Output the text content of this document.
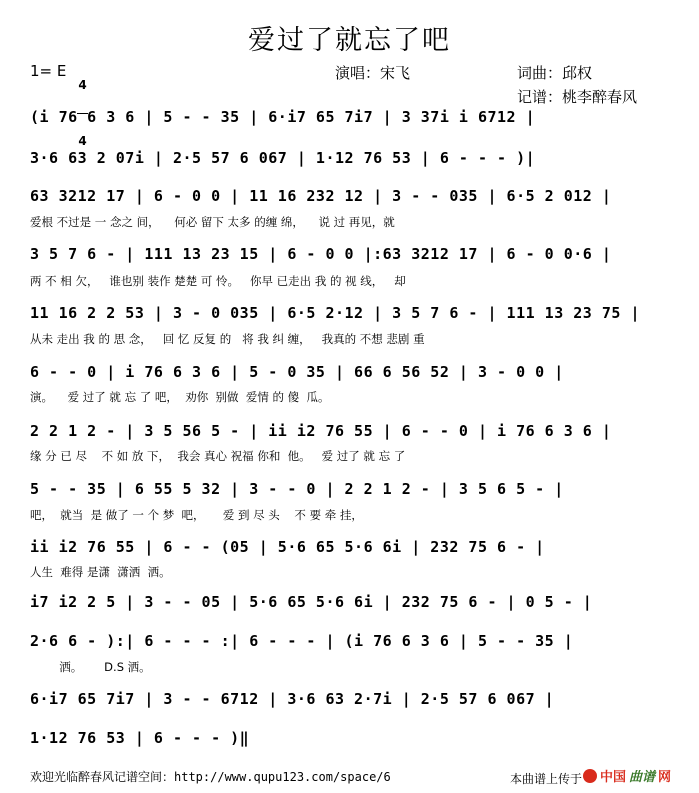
爱过了就忘了吧
1= E

4

4

演唱：宋飞	词曲：邱权
记谱：桃李醉春风
(i 76 6 3 6 | 5 - - 35 | 6·i7 65 7i7 | 3 37i i 6712 |
3·6 63 2 07i | 2·5 57 6 067 | 1·12 76 53 | 6 - - - )|
63 3212 17 | 6 - 0 0 | 11 16 232 12 | 3 - - 035 | 6·5 2 012 |
爱根 不过是 一 念之 间，    何必 留下 太多 的缠 绵，    说 过 再见，就
3 5 7 6 - | 111 13 23 15 | 6 - 0 0 |:63 3212 17 | 6 - 0 0·6 |
两 不 相 欠，   谁也别 装作 楚楚 可 怜。   你早 已走出 我 的 视 线，   却
11 16 2 2 53 | 3 - 0 035 | 6·5 2·12 | 3 5 7 6 - | 111 13 23 75 |
从未 走出 我 的 思 念，   回 忆 反复 的   将 我 纠 缠，   我真的 不想 悲剧 重
6 - - 0 | i 76 6 3 6 | 5 - 0 35 | 66 6 56 52 | 3 - 0 0 |
演。    爱 过了 就 忘 了 吧，  劝你  别做  爱情 的 傻  瓜。
2 2 1 2 - | 3 5 56 5 - | ii i2 76 55 | 6 - - 0 | i 76 6 3 6 |
缘 分 已 尽    不 如 放 下，  我会 真心 祝福 你和  他。   爱 过了 就 忘 了
5 - - 35 | 6 55 5 32 | 3 - - 0 | 2 2 1 2 - | 3 5 6 5 - |
吧，  就当  是 做了 一 个 梦  吧，     爱 到 尽 头    不 要 牵 挂，
ii i2 76 55 | 6 - - (05 | 5·6 65 5·6 6i | 232 75 6 - |
人生  难得 是潇  潇洒  洒。
i7 i2 2 5 | 3 - - 05 | 5·6 65 5·6 6i | 232 75 6 - | 0 5 - |
2·6 6 - ):| 6 - - - :| 6 - - - | (i 76 6 3 6 | 5 - - 35 |
洒。      D.S 洒。
6·i7 65 7i7 | 3 - - 6712 | 3·6 63 2·7i | 2·5 57 6 067 |
1·12 76 53 | 6 - - - )‖
欢迎光临醉春风记谱空间：http://www.qupu123.com/space/6	本曲谱上传于 中国 曲谱 网
